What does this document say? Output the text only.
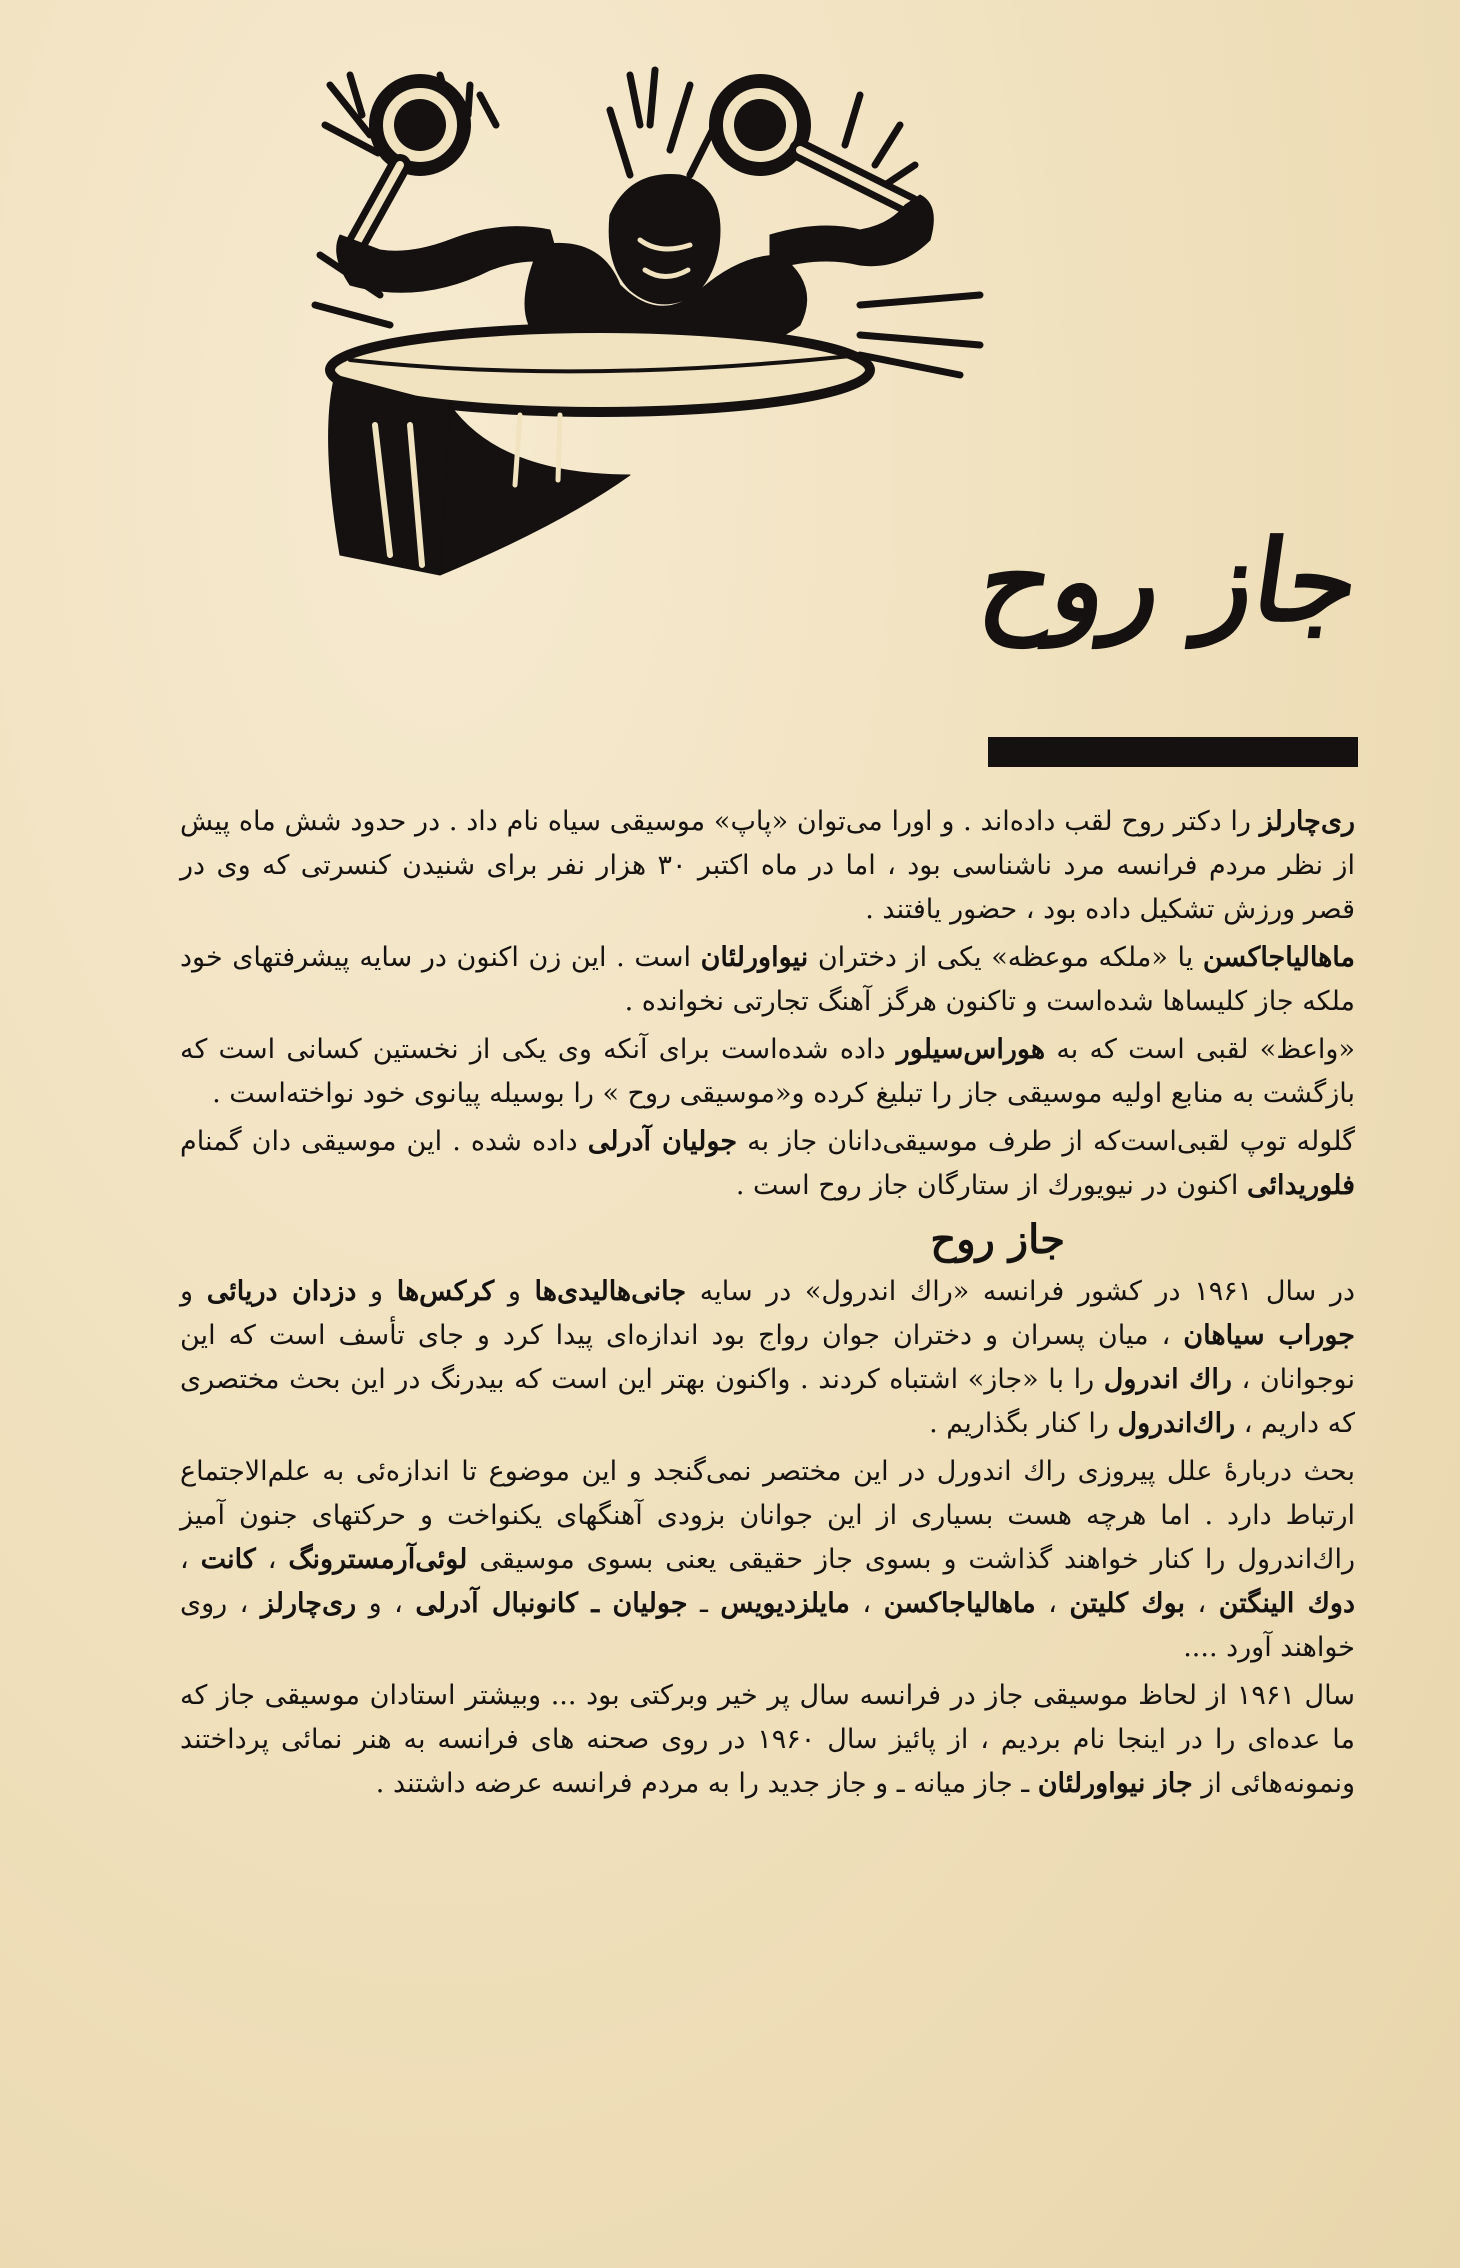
جاز روح

ری‌چارلز را دکتر روح لقب داده‌اند . و اورا می‌توان «پاپ» موسیقی سیاه نام داد . در حدود شش ماه پیش از نظر مردم فرانسه مرد ناشناسی بود ، اما در ماه اکتبر ۳۰ هزار نفر برای شنیدن کنسرتی که وی در قصر ورزش تشکیل داده بود ، حضور یافتند .

ماهالیاجاکسن یا «ملکه موعظه» یکی از دختران نیواورلئان است . این زن اکنون در سایه پیشرفتهای خود ملکه جاز کلیساها شده‌است و تاکنون هرگز آهنگ تجارتی نخوانده .

«واعظ» لقبی است که به هوراس‌سیلور داده شده‌است برای آنکه وی یکی از نخستین کسانی است که بازگشت به منابع اولیه موسیقی جاز را تبلیغ کرده و«موسیقی روح » را بوسیله پیانوی خود نواخته‌است .

گلوله توپ لقبی‌است‌که از طرف موسیقی‌دانان جاز به جولیان آدرلی داده شده . این موسیقی دان گمنام فلوریدائی اکنون در نیویورك از ستارگان جاز روح است .

جاز روح

در سال ۱۹۶۱ در کشور فرانسه «راك اندرول» در سایه جانی‌هالیدی‌ها و کرکس‌ها و دزدان دریائی و جوراب سیاهان ، میان پسران و دختران جوان رواج بود اندازه‌ای پیدا کرد و جای تأسف است که این نوجوانان ، راك اندرول را با «جاز» اشتباه کردند . واکنون بهتر این است که بیدرنگ در این بحث مختصری که داریم ، راك‌اندرول را کنار بگذاریم .

بحث دربارهٔ علل پیروزی راك اندورل در این مختصر نمی‌گنجد و این موضوع تا اندازه‌ئی به علم‌الاجتماع ارتباط دارد . اما هرچه هست بسیاری از این جوانان بزودی آهنگهای یکنواخت و حرکتهای جنون آمیز راك‌اندرول را کنار خواهند گذاشت و بسوی جاز حقیقی یعنی بسوی موسیقی لوئی‌آرمسترونگ ، کانت ، دوك الینگتن ، بوك کلیتن ، ماهالیاجاکسن ، مایلزدیویس ـ جولیان ـ کانونبال آدرلی ، و ری‌چارلز ، روی خواهند آورد ....

سال ۱۹۶۱ از لحاظ موسیقی جاز در فرانسه سال پر خیر وبرکتی بود ... وبیشتر استادان موسیقی جاز که ما عده‌ای را در اینجا نام بردیم ، از پائیز سال ۱۹۶۰ در روی صحنه های فرانسه به هنر نمائی پرداختند ونمونه‌هائی از جاز نیواورلئان ـ جاز میانه ـ و جاز جدید را به مردم فرانسه عرضه داشتند .
